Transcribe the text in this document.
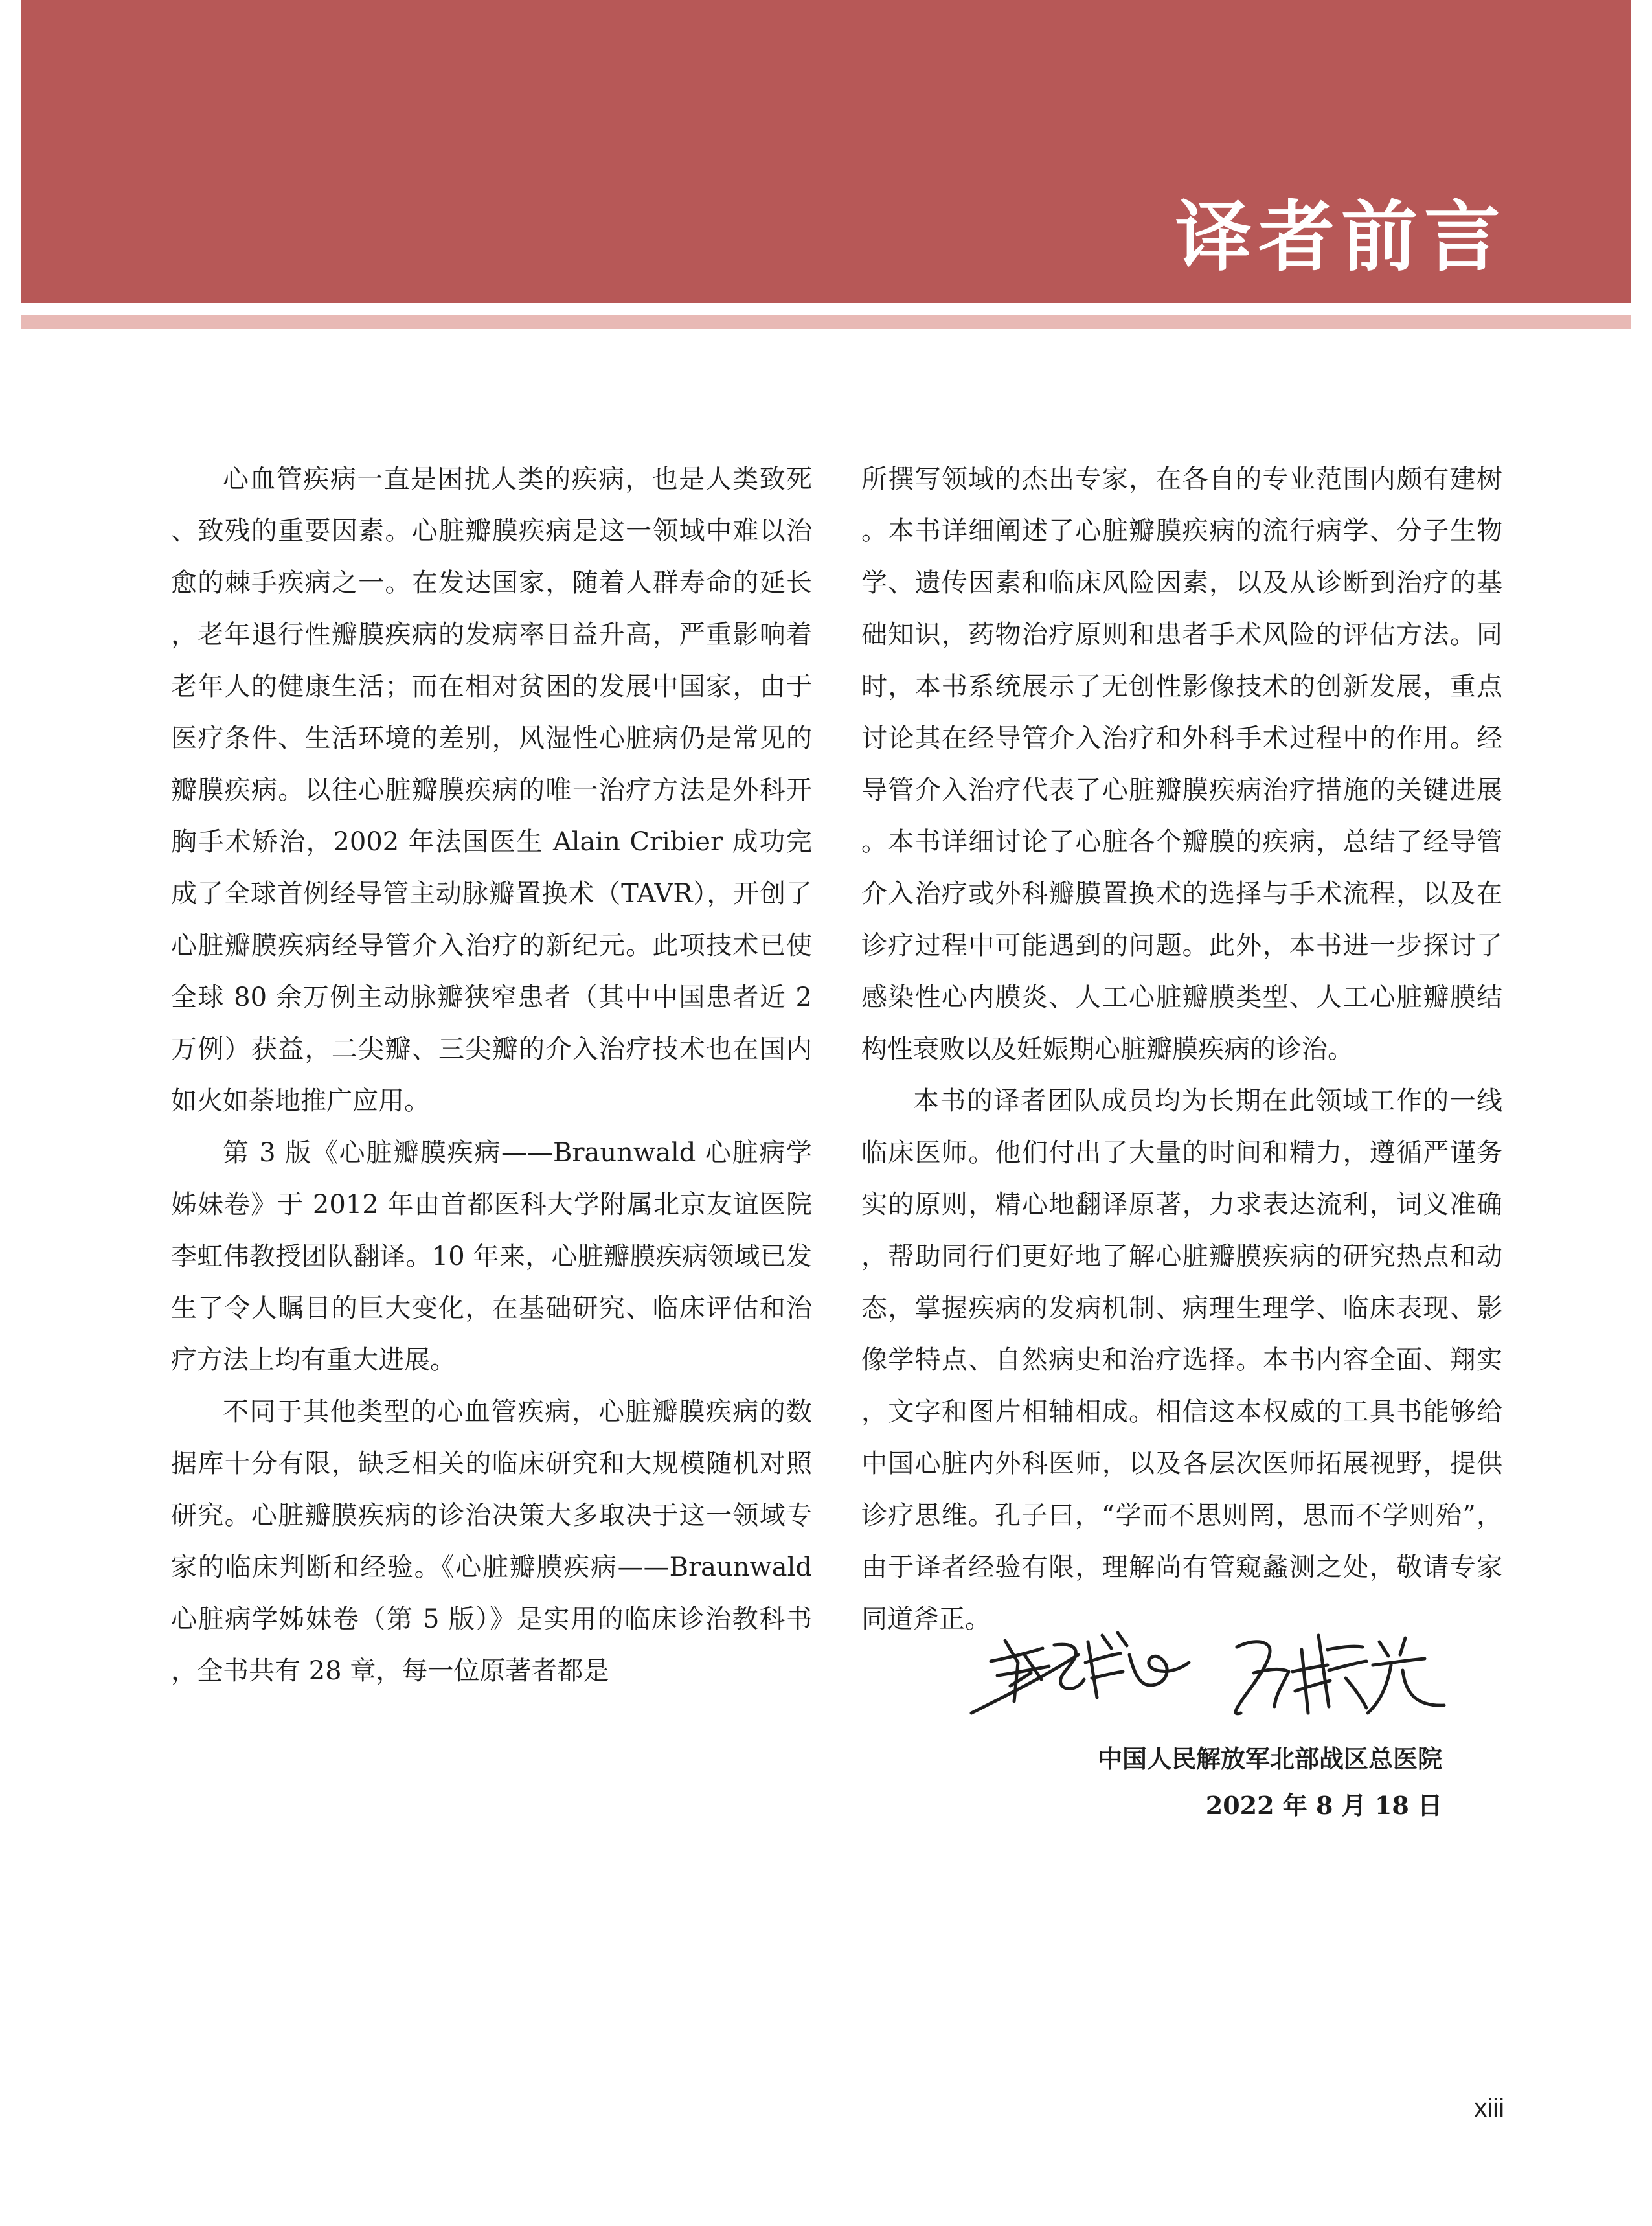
译者前言

心血管疾病一直是困扰人类的疾病，也是人类致死、致残的重要因素。心脏瓣膜疾病是这一领域中难以治愈的棘手疾病之一。在发达国家，随着人群寿命的延长，老年退行性瓣膜疾病的发病率日益升高，严重影响着老年人的健康生活；而在相对贫困的发展中国家，由于医疗条件、生活环境的差别，风湿性心脏病仍是常见的瓣膜疾病。以往心脏瓣膜疾病的唯一治疗方法是外科开胸手术矫治，2002 年法国医生 Alain Cribier 成功完成了全球首例经导管主动脉瓣置换术（TAVR），开创了心脏瓣膜疾病经导管介入治疗的新纪元。此项技术已使全球 80 余万例主动脉瓣狭窄患者（其中中国患者近 2 万例）获益，二尖瓣、三尖瓣的介入治疗技术也在国内如火如荼地推广应用。

第 3 版《心脏瓣膜疾病——Braunwald 心脏病学姊妹卷》于 2012 年由首都医科大学附属北京友谊医院李虹伟教授团队翻译。10 年来，心脏瓣膜疾病领域已发生了令人瞩目的巨大变化，在基础研究、临床评估和治疗方法上均有重大进展。

不同于其他类型的心血管疾病，心脏瓣膜疾病的数据库十分有限，缺乏相关的临床研究和大规模随机对照研究。心脏瓣膜疾病的诊治决策大多取决于这一领域专家的临床判断和经验。《心脏瓣膜疾病——Braunwald 心脏病学姊妹卷（第 5 版）》是实用的临床诊治教科书，全书共有 28 章，每一位原著者都是

所撰写领域的杰出专家，在各自的专业范围内颇有建树。本书详细阐述了心脏瓣膜疾病的流行病学、分子生物学、遗传因素和临床风险因素，以及从诊断到治疗的基础知识，药物治疗原则和患者手术风险的评估方法。同时，本书系统展示了无创性影像技术的创新发展，重点讨论其在经导管介入治疗和外科手术过程中的作用。经导管介入治疗代表了心脏瓣膜疾病治疗措施的关键进展。本书详细讨论了心脏各个瓣膜的疾病，总结了经导管介入治疗或外科瓣膜置换术的选择与手术流程，以及在诊疗过程中可能遇到的问题。此外，本书进一步探讨了感染性心内膜炎、人工心脏瓣膜类型、人工心脏瓣膜结构性衰败以及妊娠期心脏瓣膜疾病的诊治。

本书的译者团队成员均为长期在此领域工作的一线临床医师。他们付出了大量的时间和精力，遵循严谨务实的原则，精心地翻译原著，力求表达流利，词义准确，帮助同行们更好地了解心脏瓣膜疾病的研究热点和动态，掌握疾病的发病机制、病理生理学、临床表现、影像学特点、自然病史和治疗选择。本书内容全面、翔实，文字和图片相辅相成。相信这本权威的工具书能够给中国心脏内外科医师，以及各层次医师拓展视野，提供诊疗思维。孔子曰，“学而不思则罔，思而不学则殆”，由于译者经验有限，理解尚有管窥蠡测之处，敬请专家同道斧正。

中国人民解放军北部战区总医院
2022 年 8 月 18 日
xiii
